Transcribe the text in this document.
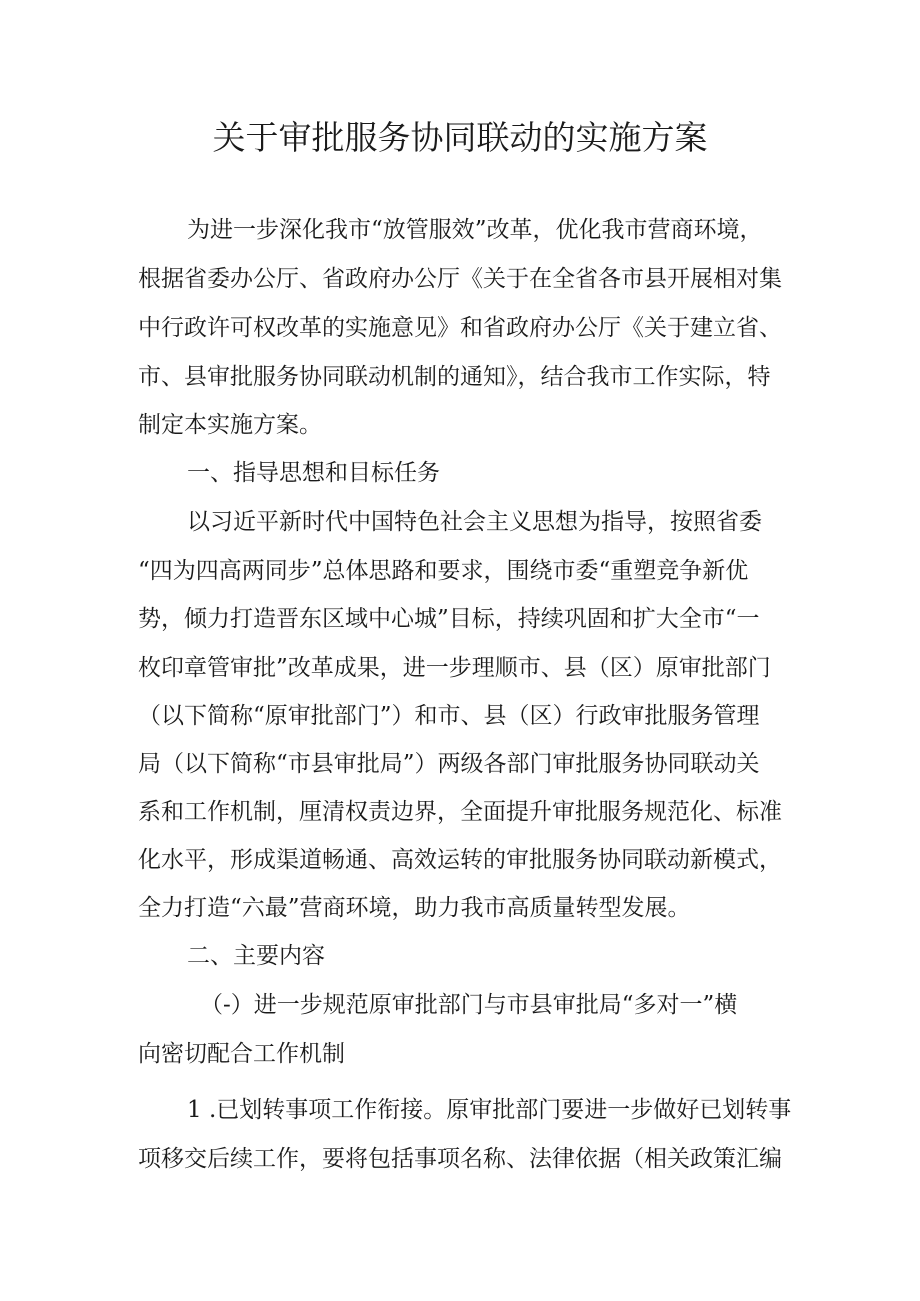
关于审批服务协同联动的实施方案

为进一步深化我市“放管服效”改革，优化我市营商环境，

根据省委办公厅、省政府办公厅《关于在全省各市县开展相对集

中行政许可权改革的实施意见》和省政府办公厅《关于建立省、

市、县审批服务协同联动机制的通知》，结合我市工作实际，特

制定本实施方案。

一、指导思想和目标任务

以习近平新时代中国特色社会主义思想为指导，按照省委

“四为四高两同步”总体思路和要求，围绕市委“重塑竞争新优

势，倾力打造晋东区域中心城”目标，持续巩固和扩大全市“一

枚印章管审批”改革成果，进一步理顺市、县（区）原审批部门

（以下简称“原审批部门”）和市、县（区）行政审批服务管理

局（以下简称“市县审批局”）两级各部门审批服务协同联动关

系和工作机制，厘清权责边界，全面提升审批服务规范化、标准

化水平，形成渠道畅通、高效运转的审批服务协同联动新模式，

全力打造“六最”营商环境，助力我市高质量转型发展。

二、主要内容

（-）进一步规范原审批部门与市县审批局“多对一”横

向密切配合工作机制

1 .已划转事项工作衔接。原审批部门要进一步做好已划转事

项移交后续工作，要将包括事项名称、法律依据（相关政策汇编
